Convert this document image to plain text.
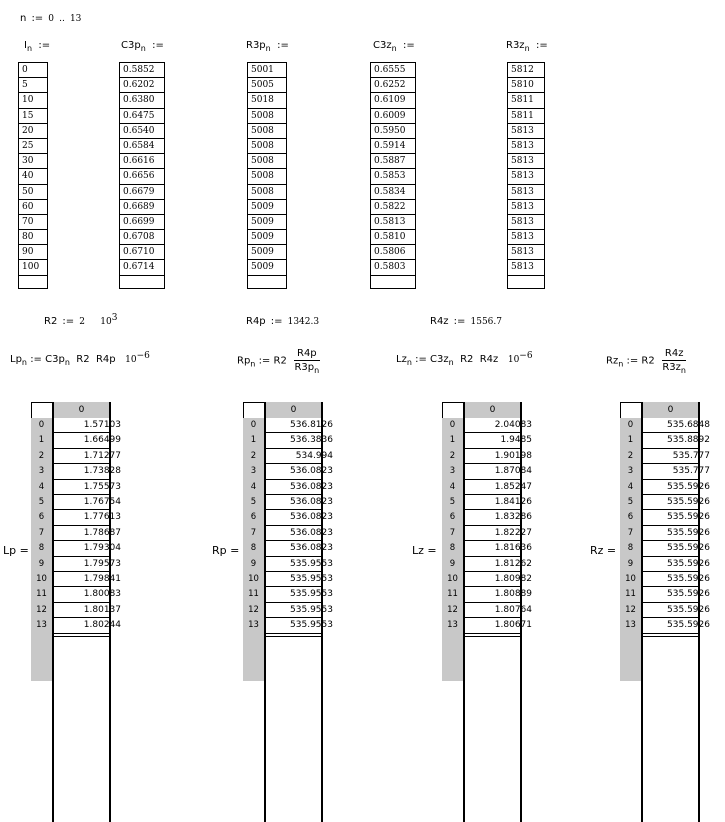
n := 0 .. 13
$I_n$ :=	$C3p_n$ :=	$R3p_n$ :=	$C3z_n$ :=	$R3z_n$ :=
0
5
10
15
20
25
30
40
50
60
70
80
90
100
0.5852
0.6202
0.6380
0.6475
0.6540
0.6584
0.6616
0.6656
0.6679
0.6689
0.6699
0.6708
0.6710
0.6714
5001
5005
5018
5008
5008
5008
5008
5008
5008
5009
5009
5009
5009
5009
0.6555
0.6252
0.6109
0.6009
0.5950
0.5914
0.5887
0.5853
0.5834
0.5822
0.5813
0.5810
0.5806
0.5803
5812
5810
5811
5811
5813
5813
5813
5813
5813
5813
5813
5813
5813
5813
R2 := 2 $10^3$	R4p := 1342.3	R4z := 1556.7
$Lp_n$ := $C3p_n$ R2 R4p $10^{-6}$	$Rp_n$ := $R2 \frac{R4p}{R3p_n}$	$Lz_n$ := $C3z_n$ R2 R4z $10^{-6}$	$Rz_n$ := $R2 \frac{R4z}{R3z_n}$
Lp =	Rp =	Lz =	Rz =
0
0	1.57103
1	1.66499
2	1.71277
3	1.73828
4	1.75573
5	1.76754
6	1.77613
7	1.78687
8	1.79304
9	1.79573
10	1.79841
11	1.80083
12	1.80137
13	1.80244
0
0	536.8126
1	536.3836
2	534.994
3	536.0823
4	536.0823
5	536.0823
6	536.0823
7	536.0823
8	536.0823
9	535.9553
10	535.9553
11	535.9553
12	535.9553
13	535.9553
0
0	2.04083
1	1.9485
2	1.90198
3	1.87084
4	1.85247
5	1.84126
6	1.83286
7	1.82227
8	1.81636
9	1.81262
10	1.80982
11	1.80889
12	1.80764
13	1.80671
0
0	535.6848
1	535.8892
2	535.777
3	535.777
4	535.5926
5	535.5926
6	535.5926
7	535.5926
8	535.5926
9	535.5926
10	535.5926
11	535.5926
12	535.5926
13	535.5926
